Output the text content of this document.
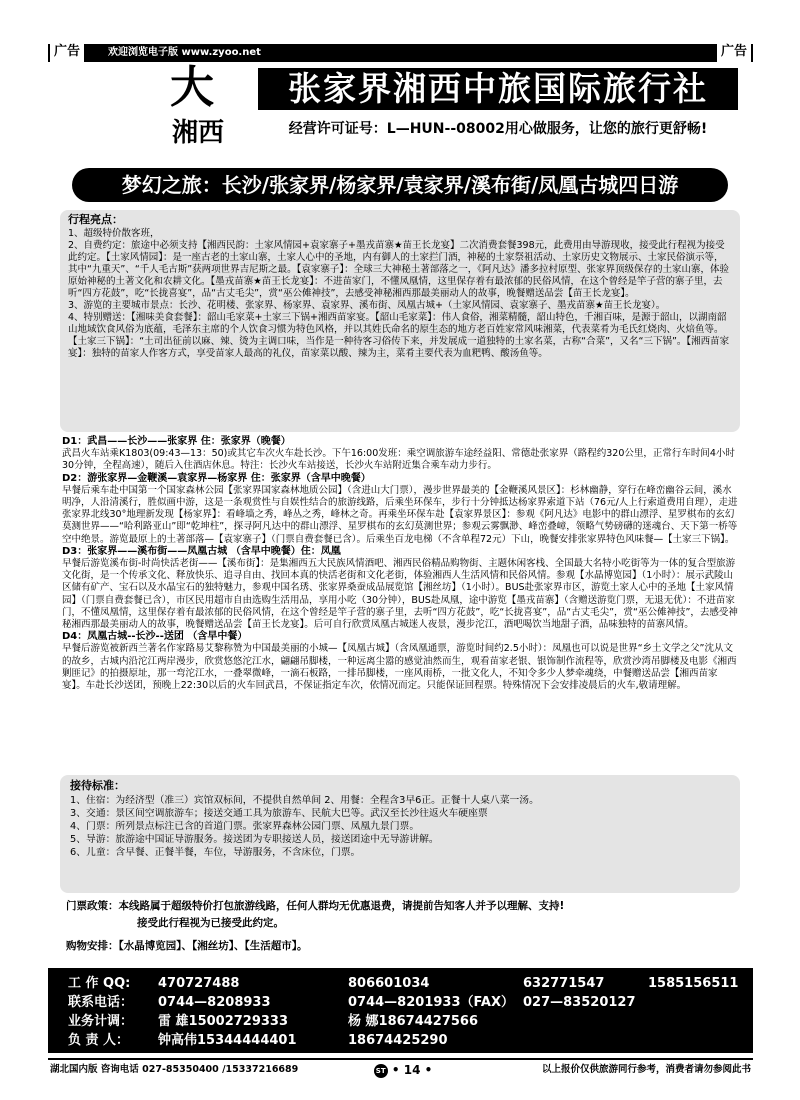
广告	欢迎浏览电子版 www.zyoo.net	广告
大
湘西
张家界湘西中旅国际旅行社
经营许可证号：L—HUN--08002用心做服务，让您的旅行更舒畅!
梦幻之旅：长沙/张家界/杨家界/袁家界/溪布街/凤凰古城四日游
行程亮点：

1、超级特价散客班，

2、自费约定：旅途中必须支持【湘西民韵：土家风情园+袁家寨子+墨戎苗寨★苗王长龙宴】二次消费套餐398元，此费用由导游现收，接受此行程视为接受此约定。【土家风情园】：是一座古老的土家山寨，土家人心中的圣地，内有御人的土家拦门酒，神秘的土家祭祖活动、土家历史文物展示、土家民俗演示等，其中“九重天”、“千人毛古斯”获两项世界吉尼斯之最。【袁家寨子】：全球三大神秘土著部落之一，《阿凡达》潘多拉村原型、张家界顶级保存的土家山寨，体验原始神秘的土著文化和农耕文化。【墨戎苗寨★苗王长龙宴】：不进苗家门，不懂凤凰情，这里保存着有最浓郁的民俗风情，在这个曾经是竿子营的寨子里，去听“四方花鼓”，吃“长拢喜宴”，品“古丈毛尖”，赏“巫公傩神技”，去感受神秘湘西那最美丽动人的故事，晚餐赠送品尝【苗王长龙宴】。

3、游览的主要城市景点：长沙、花明楼、张家界、杨家界、袁家界、溪布街、凤凰古城+（土家风情园、袁家寨子、墨戎苗寨★苗王长龙宴）。

4、特别赠送：【湘味美食套餐】：韶山毛家菜+土家三下锅+湘西苗家宴。【韶山毛家菜】：伟人食俗，湘菜精髓，韶山特色，千湘百味，是源于韶山，以湖南韶山地域饮食风俗为底蕴，毛泽东主席的个人饮食习惯为特色风格，并以其姓氏命名的原生态的地方老百姓家常风味湘菜，代表菜肴为毛氏红烧肉、火焙鱼等。【土家三下锅】：“土司出征前以麻、辣、烫为主调口味，当作是一种待客习俗传下来，并发展成一道独特的土家名菜，古称“合菜”，又名“三下锅”。【湘西苗家宴】：独特的苗家人作客方式，享受苗家人最高的礼仪，苗家菜以酸、辣为主，菜肴主要代表为血粑鸭、酸汤鱼等。

D1：武昌——长沙——张家界 住：张家界（晚餐）

武昌火车站乘K1803(09:43—13：50)或其它车次火车赴长沙。下午16:00发班：乘空调旅游车途经益阳、常德赴张家界（路程约320公里，正常行车时间4小时30分钟，全程高速），随后入住酒店休息。特注：长沙火车站接送，长沙火车站附近集合乘车动力步行。

D2：游张家界—金鞭溪—袁家界—杨家界 住：张家界（含早中晚餐）

早餐后乘车赴中国第一个国家森林公园【张家界国家森林地质公园】（含进山大门票），漫步世界最美的【金鞭溪风景区】：杉林幽静，穿行在峰峦幽谷云间，溪水明净，人沿清溪行，胜似画中游，这是一条观赏性与自娱性结合的旅游线路，后乘坐环保车，步行十分钟抵达杨家界索道下站（76元/人上行索道费用自理），走进张家界北线30°地理新发现【杨家界】：看峰墙之秀，峰丛之秀，峰林之奇。再乘坐环保车赴【袁家界景区】：参观《阿凡达》电影中的群山漂浮、星罗棋布的玄幻莫测世界——“哈利路亚山”即“乾坤柱”，探寻阿凡达中的群山漂浮、星罗棋布的玄幻莫测世界；参观云雾飘渺、峰峦叠嶂，领略气势磅礴的迷魂台、天下第一桥等空中绝景。游览最原上的土著部落—【袁家寨子】（门票自费套餐已含）。后乘坐百龙电梯（不含单程72元）下山，晚餐安排张家界特色风味餐—【土家三下锅】。

D3：张家界——溪布街——凤凰古城 （含早中晚餐）住：凤凰

早餐后游览溪布街-时尚快活老街——【溪布街】：是集湘西五大民族风情酒吧、湘西民俗精品购物街、主题休闲客栈、全国最大名特小吃街等为一体的复合型旅游文化街，是一个传承文化、释放快乐、追寻自由、找回本真的快活老街和文化老街，体验湘西人生活风情和民俗风情。参观【水晶博览园】（1小时）：展示武陵山区储有矿产、宝石以及水晶宝石的独特魅力，参观中国名琇、张家界桑蚕成品展览馆【湘丝坊】（1小时）。BUS赴张家界市区，游览土家人心中的圣地【土家风情园】（门票自费套餐已含），市区民用超市自由选购生活用品，享用小吃（30分钟），BUS赴凤凰，途中游览【墨戎苗寨】（含赠送游览门票，无退无优）：不进苗家门，不懂凤凰情，这里保存着有最浓郁的民俗风情，在这个曾经是竿子营的寨子里，去听“四方花鼓”，吃“长拢喜宴”，品“古丈毛尖”，赏“巫公傩神技”，去感受神秘湘西那最美丽动人的故事，晚餐赠送品尝【苗王长龙宴】。后可自行欣赏凤凰古城迷人夜景，漫步沱江，酒吧喝饮当地甜子酒，品味独特的苗寨风情。

D4：凤凰古城--长沙--送团 （含早中餐）

早餐后游览被新西兰著名作家路易艾黎称赞为中国最美丽的小城—【凤凰古城】（含凤凰通票，游览时间约2.5小时）：凤凰也可以说是世界“乡土文学之父”沈从文的故乡，古城内沿沱江两岸漫步，欣赏悠悠沱江水，翩翩吊脚楼，一种远离尘嚣的感觉油然而生，观看苗家老银、银饰制作流程等，欣赏沙湾吊脚楼及电影《湘西剿匪记》的拍摄原址，那一弯沱江水，一叠翠微峰，一滴石板路，一排吊脚楼，一座风雨桥，一批文化人，不知令多少人梦牵魂绕，中餐赠送品尝【湘西苗家宴】。车赴长沙送团，预晚上22:30以后的火车回武昌，不保证指定车次，依情况而定。只能保证回程票。特殊情况下会安排凌晨后的火车,敬请理解。

接待标准：

1、住宿：为经济型（准三）宾馆双标间，不提供自然单间 2、用餐：全程含3早6正。正餐十人桌八菜一汤。

3、交通：景区间空调旅游车；接送交通工具为旅游车、民航大巴等。武汉至长沙往返火车硬座票

4、门票：所列景点标注已含的首道门票。张家界森林公园门票、凤凰九景门票。

5、导游：旅游途中国证导游服务。接送团为专职接送人员，接送团途中无导游讲解。

6、儿童：含早餐、正餐半餐，车位，导游服务，不含床位，门票。

门票政策：本线路属于超级特价打包旅游线路，任何人群均无优惠退费，请提前告知客人并予以理解、支持!

接受此行程视为已接受此约定。

购物安排：【水晶博览园】、【湘丝坊】、【生活超市】。

工 作 QQ: 470727488	806601034	632771547	1585156511
联系电话： 0744—8208933	0744—8201933（FAX） 027—83520127
业务计调： 雷 雄15002729333	杨 娜18674427566
负 责 人： 钟高伟15344444401	18674425290
湖北国内版 咨询电话 027-85350400 /15337216689	ST • 14 •	以上报价仅供旅游同行参考，消费者请勿参阅此书
